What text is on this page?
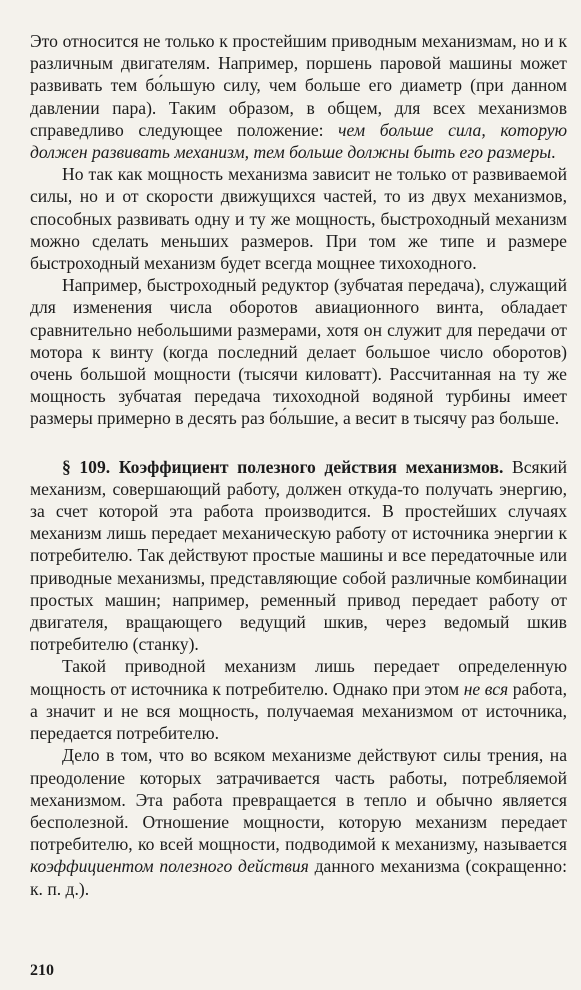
Это относится не только к простейшим приводным механизмам, но и к различным двигателям. Например, поршень паровой машины может развивать тем бо́льшую силу, чем больше его диаметр (при данном давлении пара). Таким образом, в общем, для всех механизмов справедливо следующее положение: чем больше сила, которую должен развивать механизм, тем больше должны быть его размеры.

Но так как мощность механизма зависит не только от развиваемой силы, но и от скорости движущихся частей, то из двух механизмов, способных развивать одну и ту же мощность, быстроходный механизм можно сделать меньших размеров. При том же типе и размере быстроходный механизм будет всегда мощнее тихоходного.

Например, быстроходный редуктор (зубчатая передача), служащий для изменения числа оборотов авиационного винта, обладает сравнительно небольшими размерами, хотя он служит для передачи от мотора к винту (когда последний делает большое число оборотов) очень большой мощности (тысячи киловатт). Рассчитанная на ту же мощность зубчатая передача тихоходной водяной турбины имеет размеры примерно в десять раз бо́льшие, а весит в тысячу раз больше.

§ 109. Коэффициент полезного действия механизмов. Всякий механизм, совершающий работу, должен откуда-то получать энергию, за счет которой эта работа производится. В простейших случаях механизм лишь передает механическую работу от источника энергии к потребителю. Так действуют простые машины и все передаточные или приводные механизмы, представляющие собой различные комбинации простых машин; например, ременный привод передает работу от двигателя, вращающего ведущий шкив, через ведомый шкив потребителю (станку).

Такой приводной механизм лишь передает определенную мощность от источника к потребителю. Однако при этом не вся работа, а значит и не вся мощность, получаемая механизмом от источника, передается потребителю.

Дело в том, что во всяком механизме действуют силы трения, на преодоление которых затрачивается часть работы, потребляемой механизмом. Эта работа превращается в тепло и обычно является бесполезной. Отношение мощности, которую механизм передает потребителю, ко всей мощности, подводимой к механизму, называется коэффициентом полезного действия данного механизма (сокращенно: к. п. д.).

210
